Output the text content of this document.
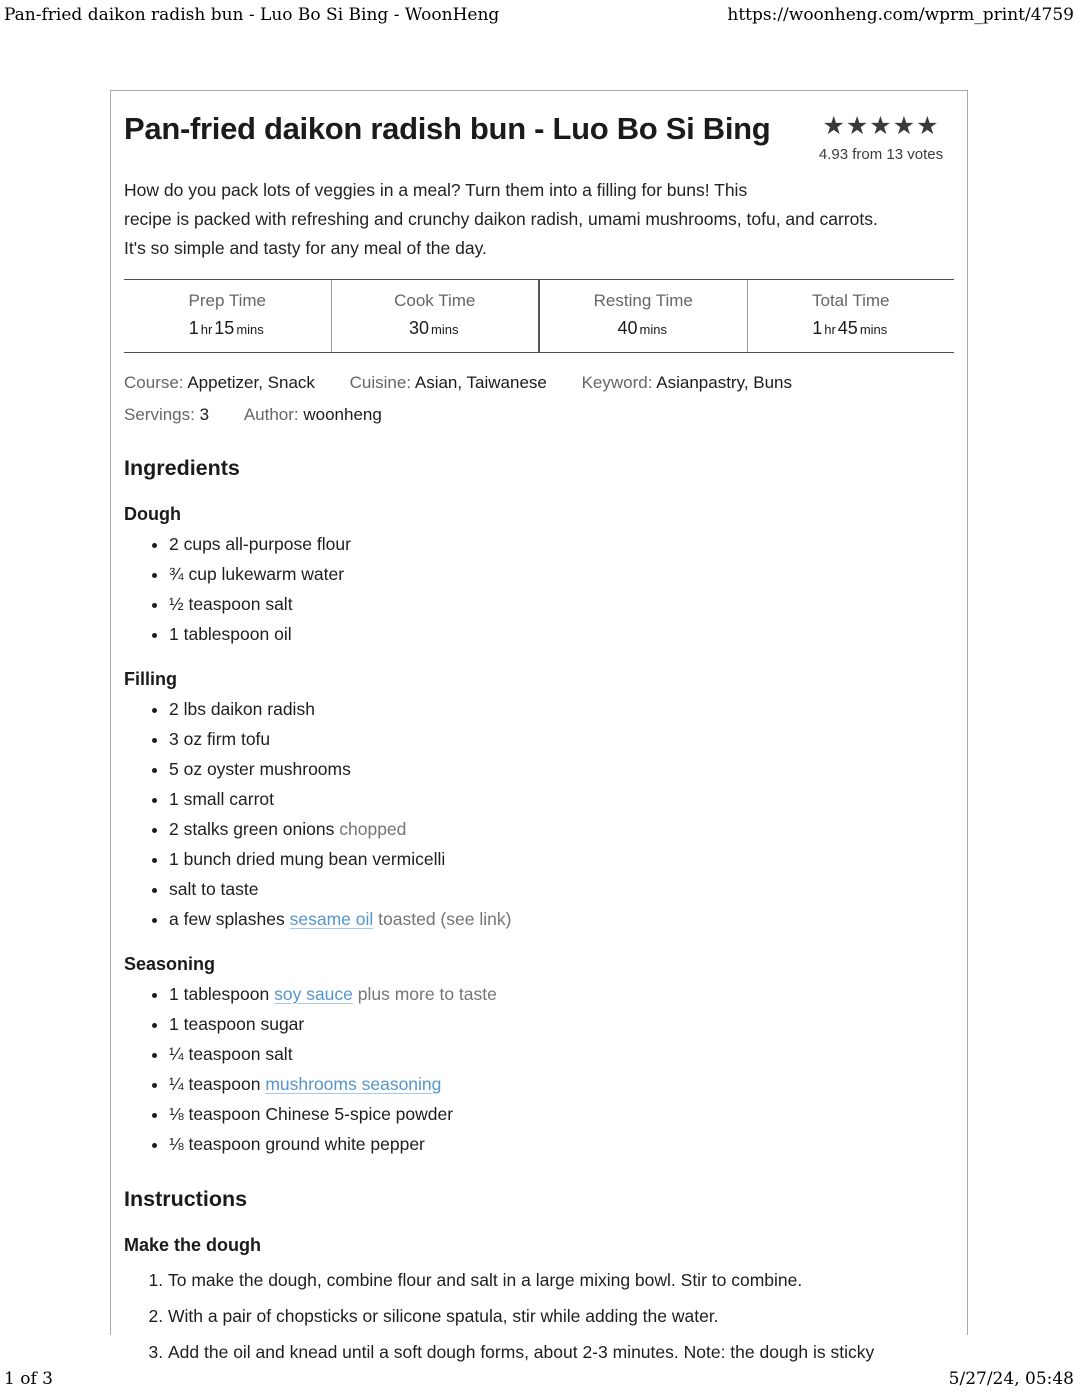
Pan-fried daikon radish bun - Luo Bo Si Bing - WoonHeng	https://woonheng.com/wprm_print/4759
Pan-fried daikon radish bun - Luo Bo Si Bing	★★★★★
4.93 from 13 votes
How do you pack lots of veggies in a meal? Turn them into a filling for buns! This
recipe is packed with refreshing and crunchy daikon radish, umami mushrooms, tofu, and carrots.
It's so simple and tasty for any meal of the day.
Prep Time
1 hr 15 mins
Cook Time
30 mins
Resting Time
40 mins
Total Time
1 hr 45 mins
Course: Appetizer, Snack Cuisine: Asian, Taiwanese Keyword: Asianpastry, Buns
Servings: 3 Author: woonheng
Ingredients
Dough
• 2 cups all-purpose flour
• ¾ cup lukewarm water
• ½ teaspoon salt
• 1 tablespoon oil
Filling
• 2 lbs daikon radish
• 3 oz firm tofu
• 5 oz oyster mushrooms
• 1 small carrot
• 2 stalks green onions chopped
• 1 bunch dried mung bean vermicelli
• salt to taste
• a few splashes sesame oil toasted (see link)
Seasoning
• 1 tablespoon soy sauce plus more to taste
• 1 teaspoon sugar
• ¼ teaspoon salt
• ¼ teaspoon mushrooms seasoning
• ⅛ teaspoon Chinese 5-spice powder
• ⅛ teaspoon ground white pepper
Instructions
Make the dough
1. To make the dough, combine flour and salt in a large mixing bowl. Stir to combine.
2. With a pair of chopsticks or silicone spatula, stir while adding the water.
3. Add the oil and knead until a soft dough forms, about 2-3 minutes. Note: the dough is sticky
1 of 3	5/27/24, 05:48
